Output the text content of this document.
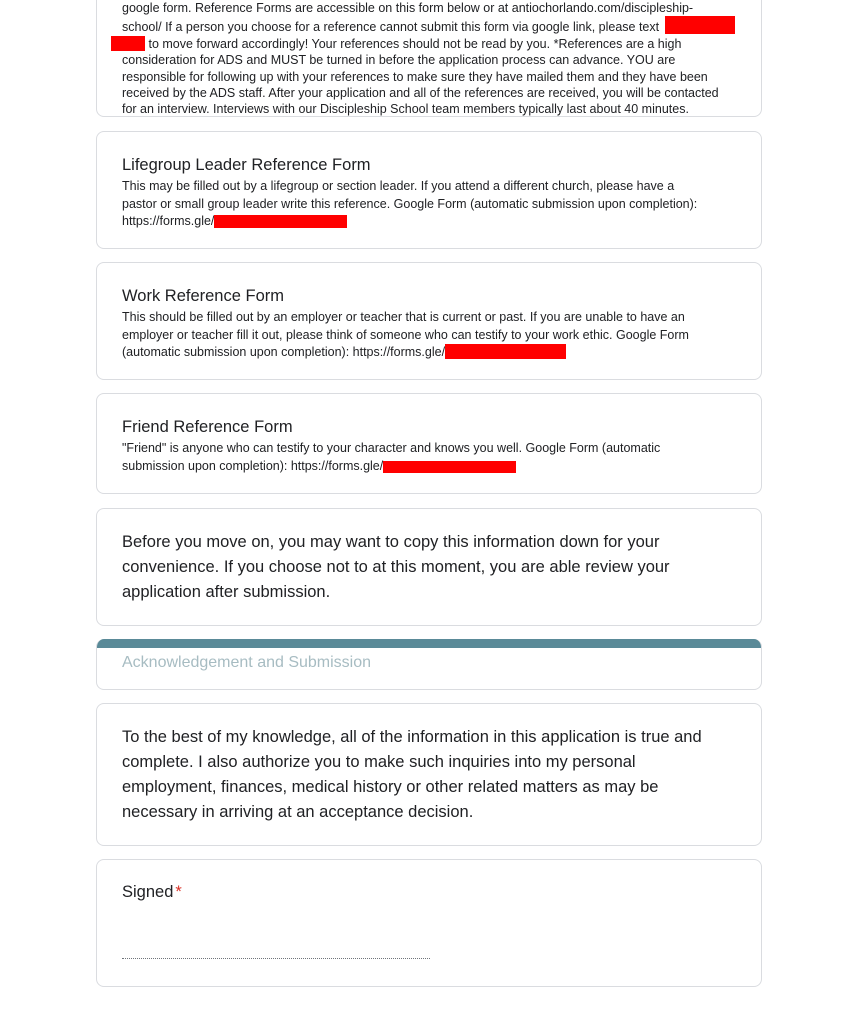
google form. Reference Forms are accessible on this form below or at antiochorlando.com/discipleship-
school/ If a person you choose for a reference cannot submit this form via google link, please text
to move forward accordingly! Your references should not be read by you. *References are a high
consideration for ADS and MUST be turned in before the application process can advance. YOU are
responsible for following up with your references to make sure they have mailed them and they have been
received by the ADS staff. After your application and all of the references are received, you will be contacted
for an interview. Interviews with our Discipleship School team members typically last about 40 minutes.
Lifegroup Leader Reference Form
This may be filled out by a lifegroup or section leader. If you attend a different church, please have a
pastor or small group leader write this reference. Google Form (automatic submission upon completion):
https://forms.gle/
Work Reference Form
This should be filled out by an employer or teacher that is current or past. If you are unable to have an
employer or teacher fill it out, please think of someone who can testify to your work ethic. Google Form
(automatic submission upon completion): https://forms.gle/
Friend Reference Form
"Friend" is anyone who can testify to your character and knows you well. Google Form (automatic
submission upon completion): https://forms.gle/
Before you move on, you may want to copy this information down for your
convenience. If you choose not to at this moment, you are able review your
application after submission.
Acknowledgement and Submission
To the best of my knowledge, all of the information in this application is true and
complete. I also authorize you to make such inquiries into my personal
employment, finances, medical history or other related matters as may be
necessary in arriving at an acceptance decision.
Signed *
